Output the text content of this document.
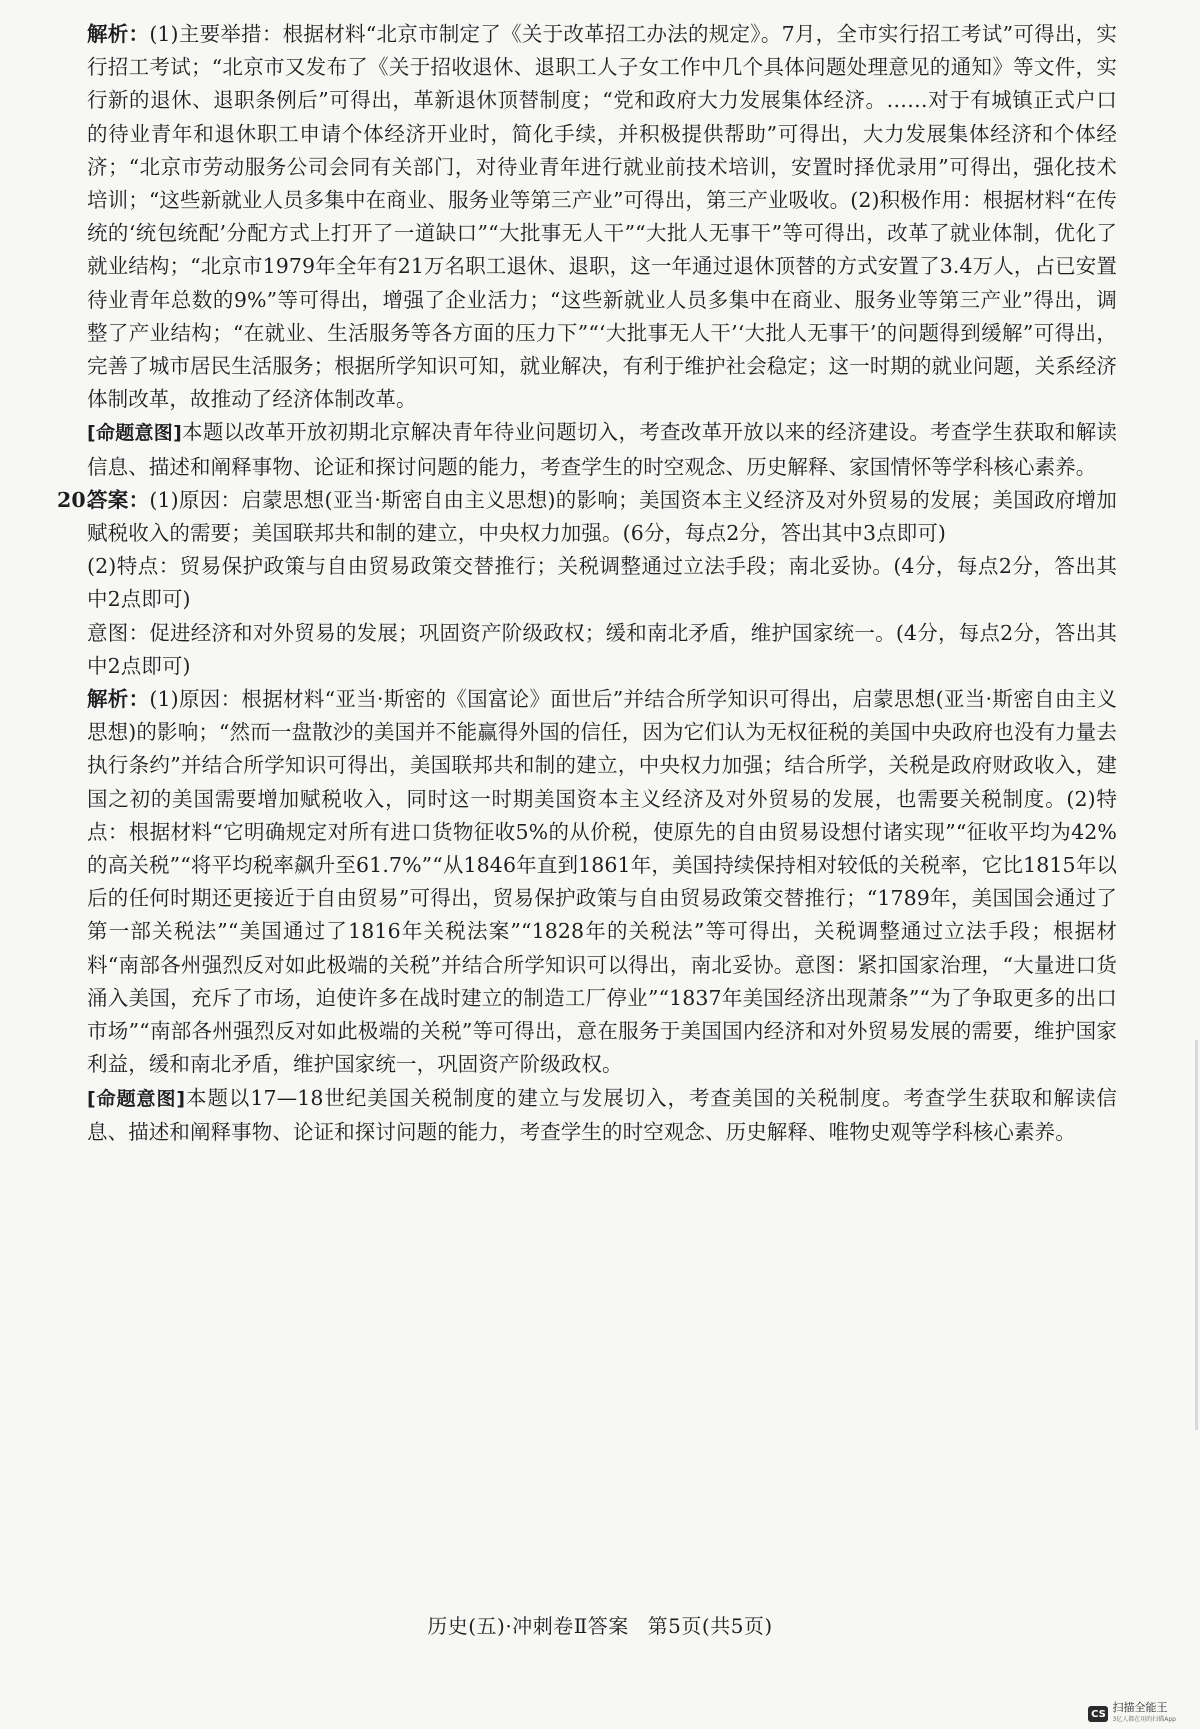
解析：(1)主要举措：根据材料“北京市制定了《关于改革招工办法的规定》。7月，全市实行招工考试”可得出，实行招工考试；“北京市又发布了《关于招收退休、退职工人子女工作中几个具体问题处理意见的通知》等文件，实行新的退休、退职条例后”可得出，革新退休顶替制度；“党和政府大力发展集体经济。……对于有城镇正式户口的待业青年和退休职工申请个体经济开业时，简化手续，并积极提供帮助”可得出，大力发展集体经济和个体经济；“北京市劳动服务公司会同有关部门，对待业青年进行就业前技术培训，安置时择优录用”可得出，强化技术培训；“这些新就业人员多集中在商业、服务业等第三产业”可得出，第三产业吸收。(2)积极作用：根据材料“在传统的‘统包统配’分配方式上打开了一道缺口”“大批事无人干”“大批人无事干”等可得出，改革了就业体制，优化了就业结构；“北京市1979年全年有21万名职工退休、退职，这一年通过退休顶替的方式安置了3.4万人，占已安置待业青年总数的9%”等可得出，增强了企业活力；“这些新就业人员多集中在商业、服务业等第三产业”得出，调整了产业结构；“在就业、生活服务等各方面的压力下”“‘大批事无人干’‘大批人无事干’的问题得到缓解”可得出，完善了城市居民生活服务；根据所学知识可知，就业解决，有利于维护社会稳定；这一时期的就业问题，关系经济体制改革，故推动了经济体制改革。

[命题意图]本题以改革开放初期北京解决青年待业问题切入，考查改革开放以来的经济建设。考查学生获取和解读信息、描述和阐释事物、论证和探讨问题的能力，考查学生的时空观念、历史解释、家国情怀等学科核心素养。

20.
答案：(1)原因：启蒙思想(亚当·斯密自由主义思想)的影响；美国资本主义经济及对外贸易的发展；美国政府增加赋税收入的需要；美国联邦共和制的建立，中央权力加强。(6分，每点2分，答出其中3点即可)

(2)特点：贸易保护政策与自由贸易政策交替推行；关税调整通过立法手段；南北妥协。(4分，每点2分，答出其中2点即可)

意图：促进经济和对外贸易的发展；巩固资产阶级政权；缓和南北矛盾，维护国家统一。(4分，每点2分，答出其中2点即可)

解析：(1)原因：根据材料“亚当·斯密的《国富论》面世后”并结合所学知识可得出，启蒙思想(亚当·斯密自由主义思想)的影响；“然而一盘散沙的美国并不能赢得外国的信任，因为它们认为无权征税的美国中央政府也没有力量去执行条约”并结合所学知识可得出，美国联邦共和制的建立，中央权力加强；结合所学，关税是政府财政收入，建国之初的美国需要增加赋税收入，同时这一时期美国资本主义经济及对外贸易的发展，也需要关税制度。(2)特点：根据材料“它明确规定对所有进口货物征收5%的从价税，使原先的自由贸易设想付诸实现”“征收平均为42%的高关税”“将平均税率飙升至61.7%”“从1846年直到1861年，美国持续保持相对较低的关税率，它比1815年以后的任何时期还更接近于自由贸易”可得出，贸易保护政策与自由贸易政策交替推行；“1789年，美国国会通过了第一部关税法”“美国通过了1816年关税法案”“1828年的关税法”等可得出，关税调整通过立法手段；根据材料“南部各州强烈反对如此极端的关税”并结合所学知识可以得出，南北妥协。意图：紧扣国家治理，“大量进口货涌入美国，充斥了市场，迫使许多在战时建立的制造工厂停业”“1837年美国经济出现萧条”“为了争取更多的出口市场”“南部各州强烈反对如此极端的关税”等可得出，意在服务于美国国内经济和对外贸易发展的需要，维护国家利益，缓和南北矛盾，维护国家统一，巩固资产阶级政权。

[命题意图]本题以17—18世纪美国关税制度的建立与发展切入，考查美国的关税制度。考查学生获取和解读信息、描述和阐释事物、论证和探讨问题的能力，考查学生的时空观念、历史解释、唯物史观等学科核心素养。

历史(五)·冲刺卷Ⅱ答案 第5页(共5页)
CS 扫描全能王
3亿人都在用的扫描App
